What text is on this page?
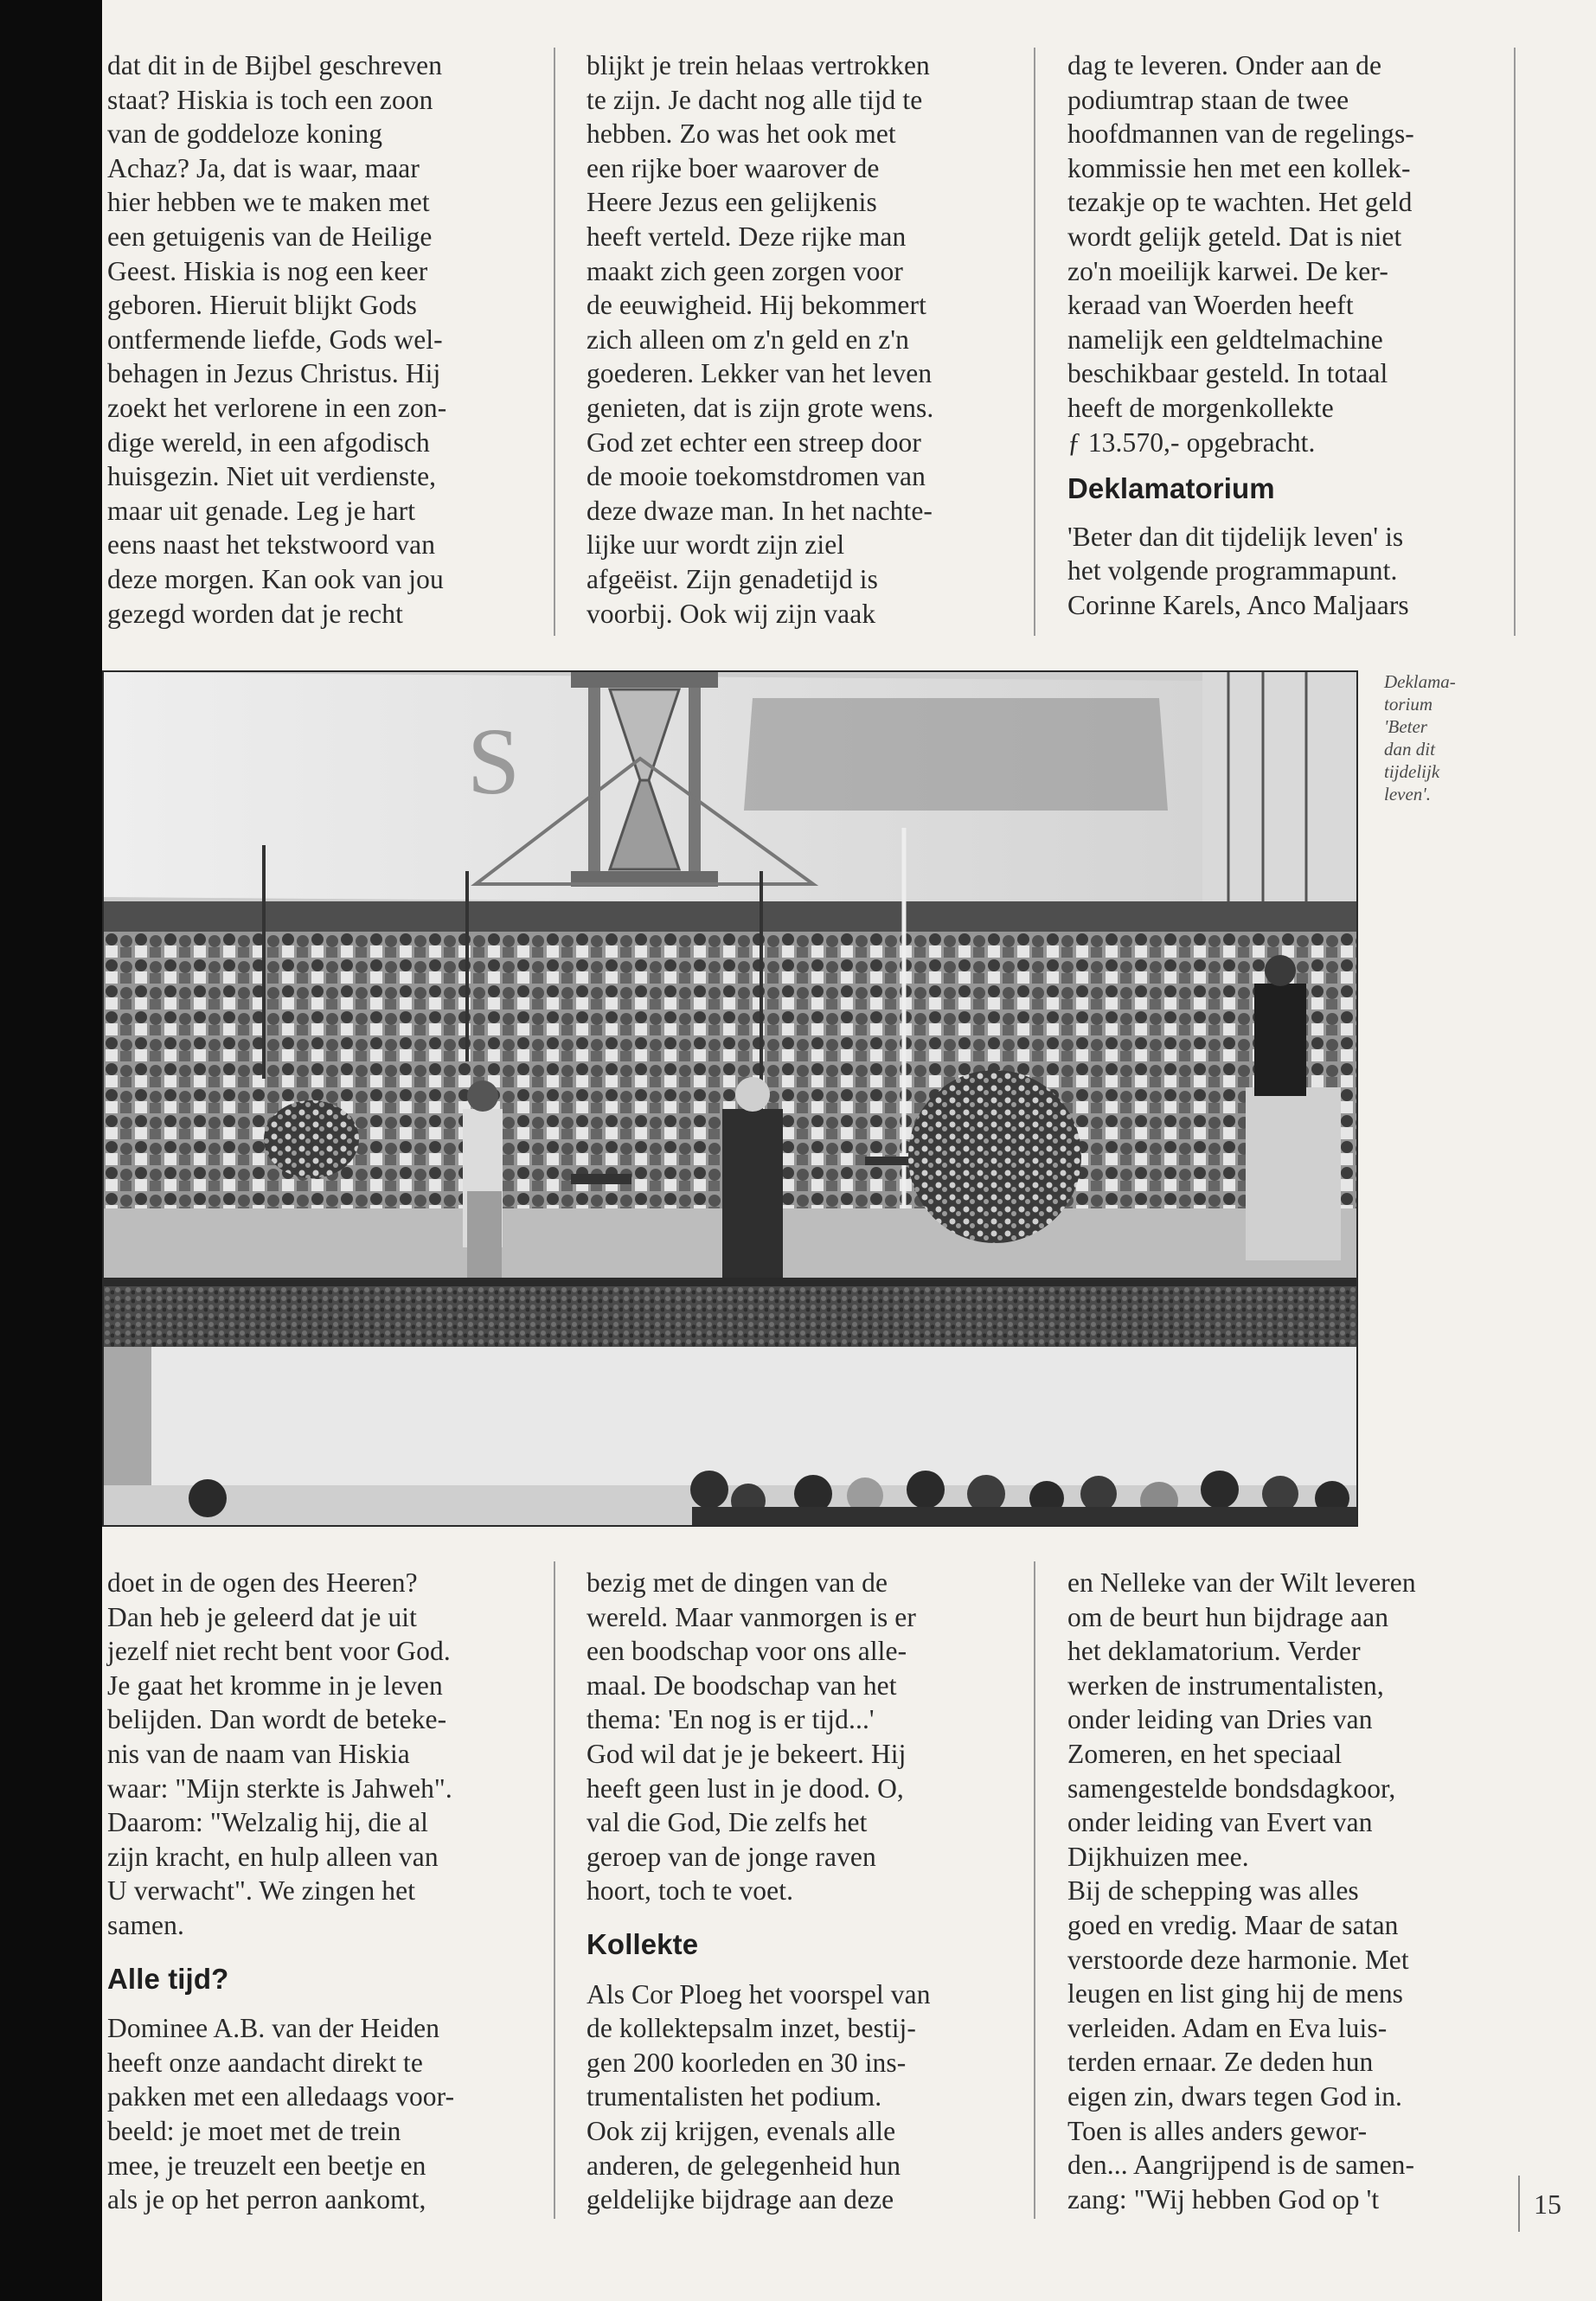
dat dit in de Bijbel geschreven

staat? Hiskia is toch een zoon

van de goddeloze koning

Achaz? Ja, dat is waar, maar

hier hebben we te maken met

een getuigenis van de Heilige

Geest. Hiskia is nog een keer

geboren. Hieruit blijkt Gods

ontfermende liefde, Gods wel-

behagen in Jezus Christus. Hij

zoekt het verlorene in een zon-

dige wereld, in een afgodisch

huisgezin. Niet uit verdienste,

maar uit genade. Leg je hart

eens naast het tekstwoord van

deze morgen. Kan ook van jou

gezegd worden dat je recht

blijkt je trein helaas vertrokken

te zijn. Je dacht nog alle tijd te

hebben. Zo was het ook met

een rijke boer waarover de

Heere Jezus een gelijkenis

heeft verteld. Deze rijke man

maakt zich geen zorgen voor

de eeuwigheid. Hij bekommert

zich alleen om z'n geld en z'n

goederen. Lekker van het leven

genieten, dat is zijn grote wens.

God zet echter een streep door

de mooie toekomstdromen van

deze dwaze man. In het nachte-

lijke uur wordt zijn ziel

afgeëist. Zijn genadetijd is

voorbij. Ook wij zijn vaak

dag te leveren. Onder aan de

podiumtrap staan de twee

hoofdmannen van de regelings-

kommissie hen met een kollek-

tezakje op te wachten. Het geld

wordt gelijk geteld. Dat is niet

zo'n moeilijk karwei. De ker-

keraad van Woerden heeft

namelijk een geldtelmachine

beschikbaar gesteld. In totaal

heeft de morgenkollekte

ƒ 13.570,- opgebracht.

Deklamatorium

'Beter dan dit tijdelijk leven' is

het volgende programmapunt.

Corinne Karels, Anco Maljaars

S
Deklama-
torium
'Beter
dan dit
tijdelijk
leven'.

doet in de ogen des Heeren?

Dan heb je geleerd dat je uit

jezelf niet recht bent voor God.

Je gaat het kromme in je leven

belijden. Dan wordt de beteke-

nis van de naam van Hiskia

waar: "Mijn sterkte is Jahweh".

Daarom: "Welzalig hij, die al

zijn kracht, en hulp alleen van

U verwacht". We zingen het

samen.

Alle tijd?

Dominee A.B. van der Heiden

heeft onze aandacht direkt te

pakken met een alledaags voor-

beeld: je moet met de trein

mee, je treuzelt een beetje en

als je op het perron aankomt,

bezig met de dingen van de

wereld. Maar vanmorgen is er

een boodschap voor ons alle-

maal. De boodschap van het

thema: 'En nog is er tijd...'

God wil dat je je bekeert. Hij

heeft geen lust in je dood. O,

val die God, Die zelfs het

geroep van de jonge raven

hoort, toch te voet.

Kollekte

Als Cor Ploeg het voorspel van

de kollektepsalm inzet, bestij-

gen 200 koorleden en 30 ins-

trumentalisten het podium.

Ook zij krijgen, evenals alle

anderen, de gelegenheid hun

geldelijke bijdrage aan deze

en Nelleke van der Wilt leveren

om de beurt hun bijdrage aan

het deklamatorium. Verder

werken de instrumentalisten,

onder leiding van Dries van

Zomeren, en het speciaal

samengestelde bondsdagkoor,

onder leiding van Evert van

Dijkhuizen mee.

Bij de schepping was alles

goed en vredig. Maar de satan

verstoorde deze harmonie. Met

leugen en list ging hij de mens

verleiden. Adam en Eva luis-

terden ernaar. Ze deden hun

eigen zin, dwars tegen God in.

Toen is alles anders gewor-

den... Aangrijpend is de samen-

zang: "Wij hebben God op 't	15
